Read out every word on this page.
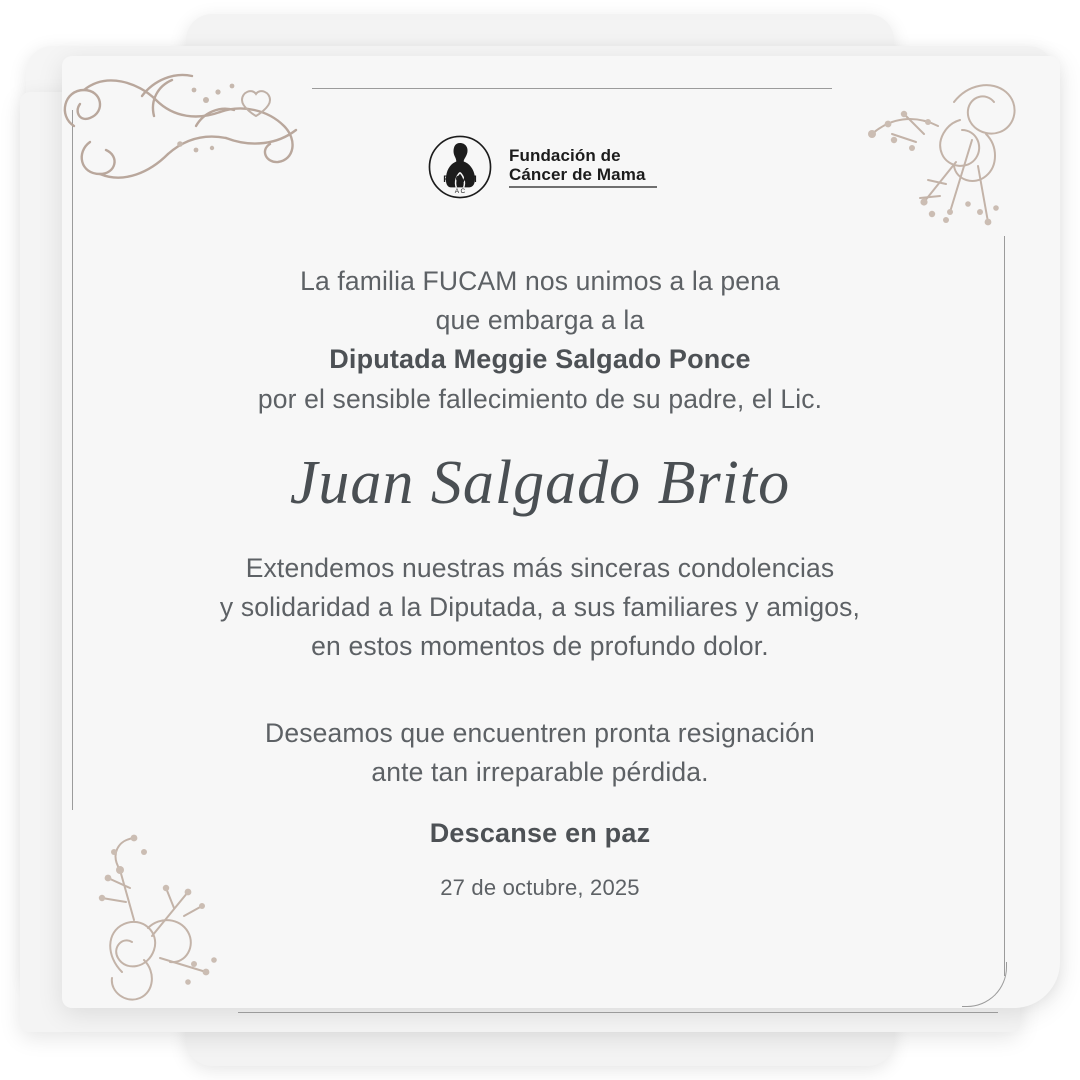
FUCAM
A C
Fundación de
Cáncer de Mama
La familia FUCAM nos unimos a la pena
que embarga a la
Diputada Meggie Salgado Ponce
por el sensible fallecimiento de su padre, el Lic.
Juan Salgado Brito
Extendemos nuestras más sinceras condolencias
y solidaridad a la Diputada, a sus familiares y amigos,
en estos momentos de profundo dolor.
Deseamos que encuentren pronta resignación
ante tan irreparable pérdida.
Descanse en paz
27 de octubre, 2025
